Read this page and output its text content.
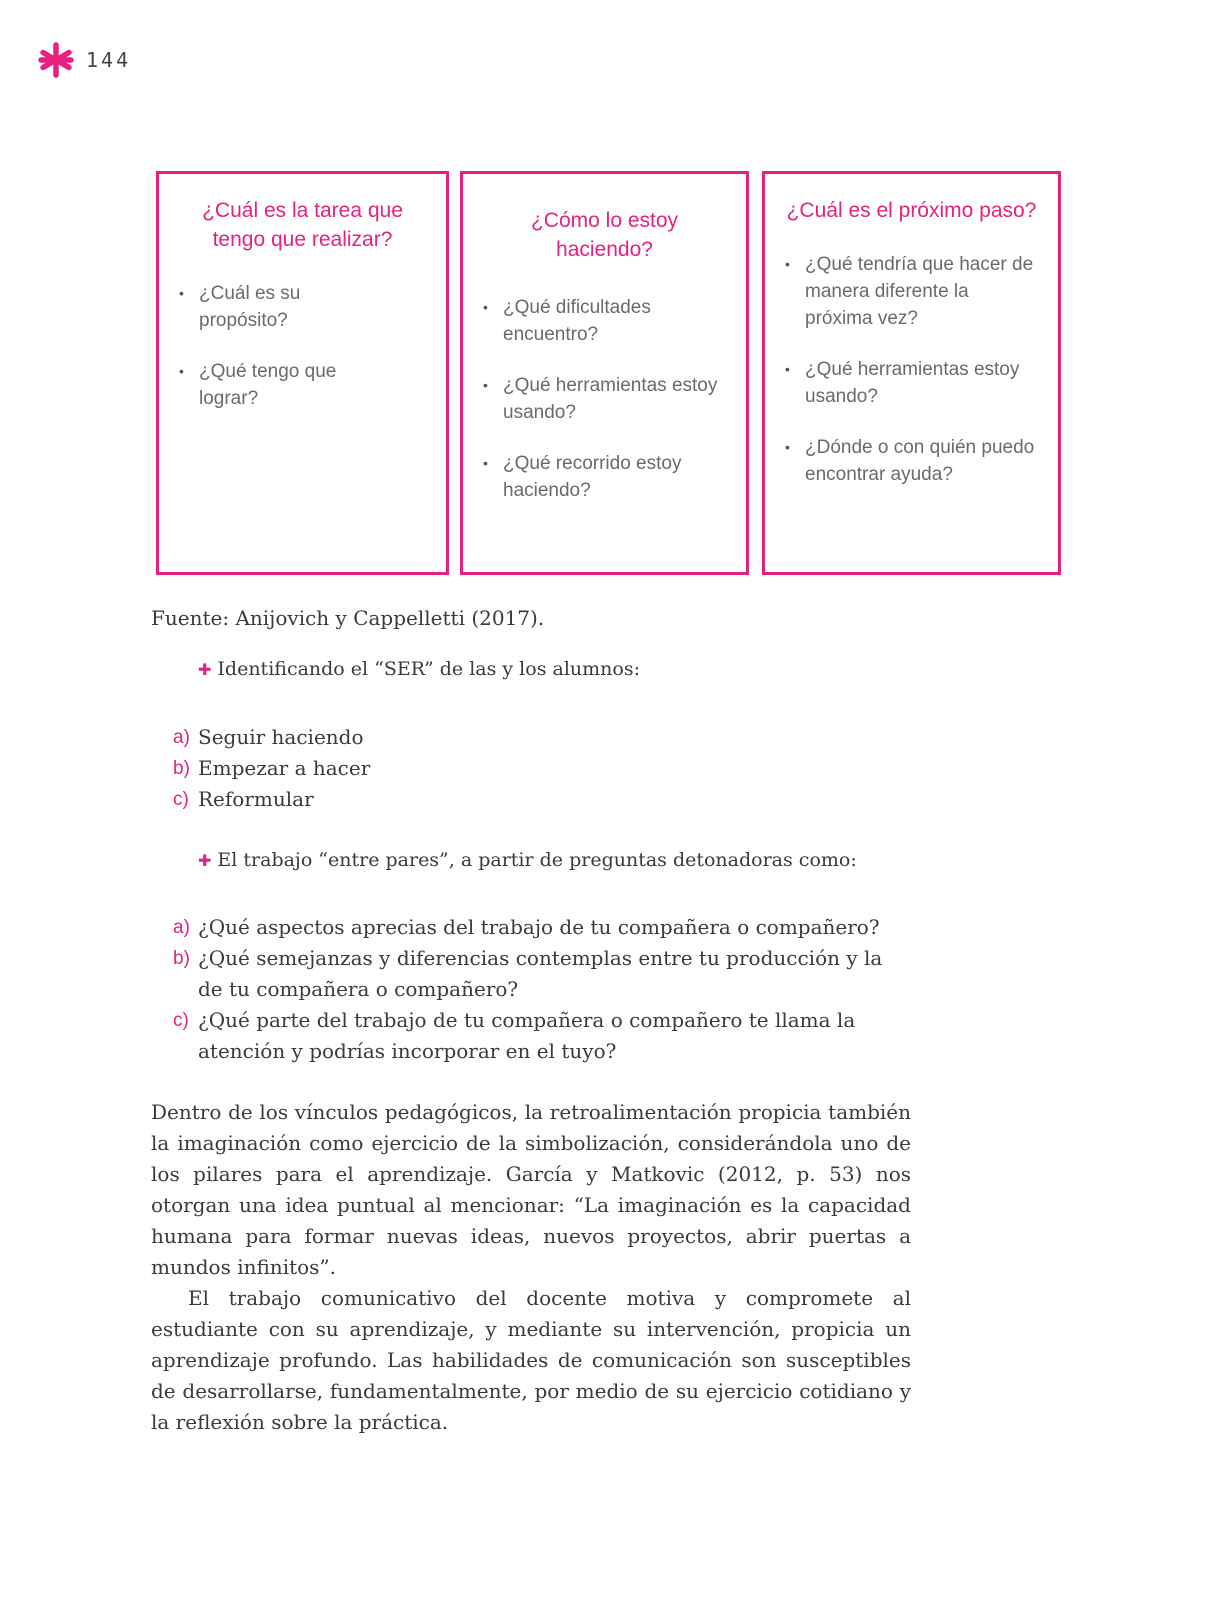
144
¿Cuál es la tarea que tengo que realizar?
• ¿Cuál es su propósito?
• ¿Qué tengo que lograr?
¿Cómo lo estoy haciendo?
• ¿Qué dificultades encuentro?
• ¿Qué herramientas estoy usando?
• ¿Qué recorrido estoy haciendo?
¿Cuál es el próximo paso?
• ¿Qué tendría que hacer de manera diferente la próxima vez?
• ¿Qué herramientas estoy usando?
• ¿Dónde o con quién puedo encontrar ayuda?
Fuente: Anijovich y Cappelletti (2017).
✚ Identificando el “SER” de las y los alumnos:
a) Seguir haciendo
b) Empezar a hacer
c) Reformular
✚ El trabajo “entre pares”, a partir de preguntas detonadoras como:
a) ¿Qué aspectos aprecias del trabajo de tu compañera o compañero?
b) ¿Qué semejanzas y diferencias contemplas entre tu producción y la de tu compañera o compañero?
c) ¿Qué parte del trabajo de tu compañera o compañero te llama la atención y podrías incorporar en el tuyo?

Dentro de los vínculos pedagógicos, la retroalimentación propicia también la imaginación como ejercicio de la simbolización, considerándola uno de los pilares para el aprendizaje. García y Matkovic (2012, p. 53) nos otorgan una idea puntual al mencionar: “La imaginación es la capacidad humana para formar nuevas ideas, nuevos proyectos, abrir puertas a mundos infinitos”.

El trabajo comunicativo del docente motiva y compromete al estudiante con su aprendizaje, y mediante su intervención, propicia un aprendizaje profundo. Las habilidades de comunicación son susceptibles de desarrollarse, fundamentalmente, por medio de su ejercicio cotidiano y la reflexión sobre la práctica.
